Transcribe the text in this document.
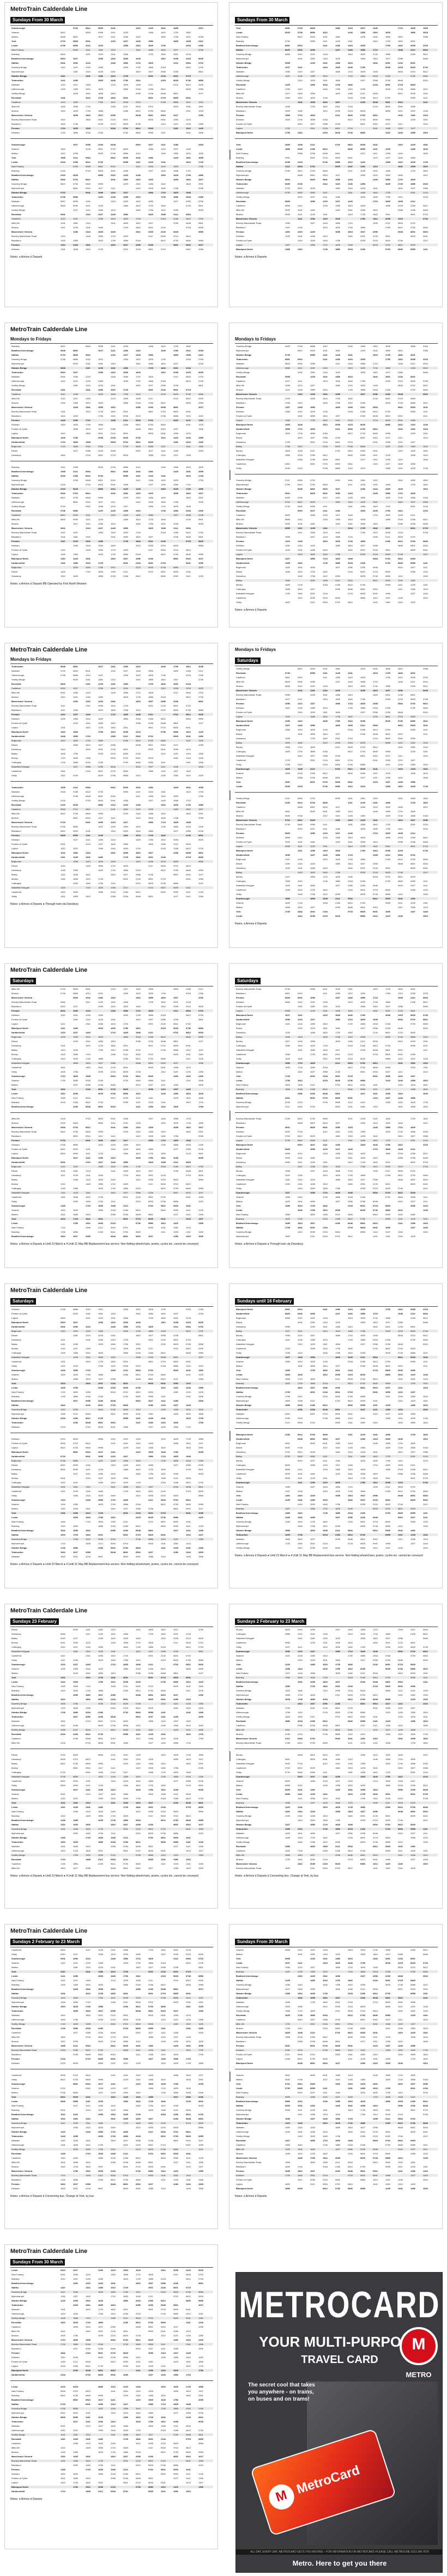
MetroTrain Calderdale Line
Sundays From 30 March
Scarborough	0702	0812	0925	1041	1310	1425	1541	1655	1927
Seamer	0612	0840	0955	1110	1225	1456	1610	1725	1842
Malton	0648	0801	1027	1141	1256	1410	1640	1756	1912	2035
York	0715	0825	0941	1210	1327	1440	1556	1825	1945	2112
Leeds	0746	0856	1012	1125	1355	1510	1625	1740	2018	2156
New Pudsey	0925	1041	1156	1310	1541	1655	1810	1927	2236
Bramley	0840	1110	1225	1341	1456	1725	1842	2001	2134
Bradford Interchange	0910	1027	1256	1410	1525	1640	1912	2035	2215	0625
Halifax	0941	1056	1210	1440	1556	1710	1825	2112	0534	0702
Sowerby Bridge	1012	1125	1240	1355	1625	1740	1856	2018	0612	0730
Mytholmroyd	1156	1310	1425	1541	1810	1927	2056	2236	0801
Hebden Bridge	1110	1341	1456	1610	1725	2001	2134	0601	0715
Todmorden	1141	1256	1525	1640	1756	1912	2215	0625	0746	0856
Walsden	1210	1327	1440	1710	1825	1945	2112	0702	0812	0925
Littleborough	1240	1355	1510	1625	1856	2018	2156	0612	0840	0955
Smithy Bridge	1425	1541	1655	1810	2056	2236	0648	0801	1027
Rochdale	1341	1610	1725	1842	2001	0601	0715	0825	0941
Castleton	1410	1525	1756	1912	2035	2215	0746	0856	1012	1125
Mills Hill	1440	1556	1710	1945	2112	0534	0702	0925	1041	1156
Moston	1510	1625	1740	1856	2156	0612	0730	0840	1110	1225
Manchester Victoria	1655	1810	1927	2056	0648	0801	0910	1027	1256
Burnley Manchester Road	1610	1842	2001	2134	0601	0825	0941	1056	1210
Blackburn	1640	1756	2035	2215	0625	0746	1012	1125	1240	1355
Preston	1710	1825	1945	0534	0702	0812	0925	1156	1310	1425
Kirkham	1740	1856	2018	2156	0730	0840	0955	1110	1341	1456
Scarborough	1927	2056	2236	0648	0910	1027	1141	1256	1525
Seamer	1842	2134	0601	0715	0825	1056	1210	1327	1440
Malton	1912	2035	0625	0746	0856	1012	1240	1355	1510	1625
York	1945	2112	0534	0812	0925	1041	1156	1425	1541	1655
Leeds	2018	2156	0612	0730	0955	1110	1225	1341	1610	1725
New Pudsey	2236	0648	0801	0910	1141	1256	1410	1525	1756
Bramley	2134	0715	0825	0941	1056	1327	1440	1556	1710
Bradford Interchange	2215	0625	0856	1012	1125	1240	1510	1625	1740	1856
Halifax	0534	0702	0812	1041	1156	1310	1425	1655	1810	1927
Sowerby Bridge	0612	0730	0840	0955	1225	1341	1456	1610	1842	2001
Mytholmroyd	0801	0910	1027	1141	1410	1525	1640	1756	2035
Hebden Bridge	0715	0941	1056	1210	1327	1556	1710	1825	1945
Todmorden	0746	0856	1125	1240	1355	1510	1740	1856	2018	2156
Walsden	0812	0925	1041	1310	1425	1541	1655	1927	2056	2236
Littleborough	0840	0955	1110	1225	1456	1610	1725	1842	2134	0601
Smithy Bridge	1027	1141	1256	1410	1640	1756	1912	2035	0625
Rochdale	0941	1210	1327	1440	1556	1825	1945	2112	0534
Castleton	1012	1125	1355	1510	1625	1740	2018	2156	0612	0730
Mills Hill	1041	1156	1310	1541	1655	1810	1927	2236	0648	0801
Moston	1110	1225	1341	1456	1725	1842	2001	2134	0715	0825
Manchester Victoria	1256	1410	1525	1640	1912	2035	2215	0625	0856
Burnley Manchester Road	1210	1440	1556	1710	1825	2112	0534	0702	0812
Blackburn	1240	1355	1625	1740	1856	2018	0612	0730	0840	0955
Preston	1310	1425	1541	1810	1927	2056	2236	0801	0910	1027
Kirkham	1341	1456	1610	1725	2001	2134	0601	0715	0941	1056
Notes: a Arrives d Departs
Sundays From 30 March
York	0601	0715	0825	1056	1210	1327	1440	1710	1825	1945
Leeds	0625	0746	0856	1012	1240	1355	1510	1625	1856	2018
New Pudsey	0812	0925	1041	1156	1425	1541	1655	1810	2056
Bramley	0730	0955	1110	1225	1341	1610	1725	1842	2001
Bradford Interchange	0801	0910	1141	1256	1410	1525	1756	1912	2035	2215
Halifax	0825	0941	1056	1327	1440	1556	1710	1945	2112	0534
Sowerby Bridge	0856	1012	1125	1240	1510	1625	1740	1856	2156	0612
Mytholmroyd	1041	1156	1310	1425	1655	1810	1927	2056	0648
Hebden Bridge	0955	1225	1341	1456	1610	1842	2001	2134	0601
Todmorden	1027	1141	1410	1525	1640	1756	2035	2215	0625	0746
Walsden	1056	1210	1327	1556	1710	1825	1945	0534	0702	0812
Littleborough	1125	1240	1355	1510	1740	1856	2018	2156	0730	0840
Smithy Bridge	1310	1425	1541	1655	1927	2056	2236	0648	0910
Rochdale	1225	1456	1610	1725	1842	2134	0601	0715	0825
Castleton	1256	1410	1640	1756	1912	2035	0625	0746	0856	1012
Mills Hill	1327	1440	1556	1825	1945	2112	0534	0812	0925	1041
Moston	1355	1510	1625	1740	2018	2156	0612	0730	0955	1110
Manchester Victoria	1541	1655	1810	1927	2236	0648	0801	0910	1141
Burnley Manchester Road	1456	1725	1842	2001	2134	0715	0825	0941	1056
Blackburn	1525	1640	1912	2035	2215	0625	0856	1012	1125	1240
Preston	1556	1710	1825	2112	0534	0702	0812	1041	1156	1310
Kirkham	1625	1740	1856	2018	0612	0730	0840	0955	1225	1341
Poulton-le-Fylde	1810	1927	2056	2236	0801	0910	1027	1141	1410
Layton	1725	2001	2134	0601	0715	0941	1056	1210	1327
Blackpool North	1756	1912	2215	0625	0746	0856	1125	1240	1355	1510
York	1825	1945	2112	0702	0812	0925	1041	1310	1425	1541
Leeds	1856	2018	2156	0612	0840	0955	1110	1225	1456	1610
New Pudsey	2056	2236	0648	0801	1027	1141	1256	1410	1640
Bramley	2001	0601	0715	0825	0941	1210	1327	1440	1556
Bradford Interchange	2035	2215	0746	0856	1012	1125	1355	1510	1625	1740
Halifax	2112	0534	0702	0925	1041	1156	1310	1541	1655	1810
Sowerby Bridge	2156	0612	0730	0840	1110	1225	1341	1456	1725	1842
Mytholmroyd	0648	0801	0910	1027	1256	1410	1525	1640	1912
Hebden Bridge	0601	0825	0941	1056	1210	1440	1556	1710	1825
Todmorden	0625	0746	1012	1125	1240	1355	1625	1740	1856	2018
Walsden	0702	0812	0925	1156	1310	1425	1541	1810	1927	2056
Littleborough	0730	0840	0955	1110	1341	1456	1610	1725	2001	2134
Smithy Bridge	0910	1027	1141	1256	1525	1640	1756	1912	2215
Rochdale	0825	1056	1210	1327	1440	1710	1825	1945	2112
Castleton	0856	1012	1240	1355	1510	1625	1856	2018	2156	0612
Mills Hill	0925	1041	1156	1425	1541	1655	1810	2056	2236	0648
Moston	0955	1110	1225	1341	1610	1725	1842	2001	0601	0715
Manchester Victoria	1141	1256	1410	1525	1756	1912	2035	2215	0746
Burnley Manchester Road	1056	1327	1440	1556	1710	1945	2112	0534	0702
Blackburn	1125	1240	1510	1625	1740	1856	2156	0612	0730	0840
Preston	1156	1310	1425	1655	1810	1927	2056	0648	0801	0910
Kirkham	1225	1341	1456	1610	1842	2001	2134	0601	0825	0941
Poulton-le-Fylde	1410	1525	1640	1756	2035	2215	0625	0746	1012
Layton	1327	1556	1710	1825	1945	0534	0702	0812	0925
Blackpool North	1355	1510	1740	1856	2018	2156	0730	0840	0955	1110
Notes: a Arrives d Departs
MetroTrain Calderdale Line
Mondays to Fridays
Bramley	0612	0840	0955	1110	1225	1456	1610	1725	1842
Bradford Interchange	0648	0801	1027	1141	1256	1410	1640	1756	1912	2035
Halifax	0715	0825	0941	1210	1327	1440	1556	1825	1945	2112
Sowerby Bridge	0746	0856	1012	1125	1355	1510	1625	1740	2018	2156
Mytholmroyd	0925	1041	1156	1310	1541	1655	1810	1927	2236
Hebden Bridge	0840	1110	1225	1341	1456	1725	1842	2001	2134
Todmorden	0910	1027	1256	1410	1525	1640	1912	2035	2215	0625
Walsden	0941	1056	1210	1440	1556	1710	1825	2112	0534	0702
Littleborough	1012	1125	1240	1355	1625	1740	1856	2018	0612	0730
Smithy Bridge	1156	1310	1425	1541	1810	1927	2056	2236	0801
Rochdale	1110	1341	1456	1610	1725	2001	2134	0601	0715
Castleton	1141	1256	1525	1640	1756	1912	2215	0625	0746	0856
Mills Hill	1210	1327	1440	1710	1825	1945	2112	0702	0812	0925
Moston	1240	1355	1510	1625	1856	2018	2156	0612	0840	0955
Manchester Victoria	1425	1541	1655	1810	2056	2236	0648	0801	1027
Burnley Manchester Road	1341	1610	1725	1842	2001	0601	0715	0825	0941
Blackburn	1410	1525	1756	1912	2035	2215	0746	0856	1012	1125
Preston	1440	1556	1710	1945	2112	0534	0702	0925	1041	1156
Kirkham	1510	1625	1740	1856	2156	0612	0730	0840	1110	1225
Poulton-le-Fylde	1655	1810	1927	2056	0648	0801	0910	1027	1256
Layton	1610	1842	2001	2134	0601	0825	0941	1056	1210
Blackpool North	1640	1756	2035	2215	0625	0746	1012	1125	1240	1355
Huddersfield	1710	1825	1945	0534	0702	0812	0925	1156	1310	1425
Brighouse	1740	1856	2018	2156	0730	0840	0955	1110	1341	1456
Elland	1927	2056	2236	0648	0910	1027	1141	1256	1525
Dewsbury	1842	2134	0601	0715	0825	1056	1210	1327	1440
Bramley	1912	2035	0625	0746	0856	1012	1240	1355	1510	1625
Bradford Interchange	1945	2112	0534	0812	0925	1041	1156	1425	1541	1655
Halifax	2018	2156	0612	0730	0955	1110	1225	1341	1610	1725
Sowerby Bridge	2236	0648	0801	0910	1141	1256	1410	1525	1756
Mytholmroyd	2134	0715	0825	0941	1056	1327	1440	1556	1710
Hebden Bridge	2215	0625	0856	1012	1125	1240	1510	1625	1740	1856
Todmorden	0534	0702	0812	1041	1156	1310	1425	1655	1810	1927
Walsden	0612	0730	0840	0955	1225	1341	1456	1610	1842	2001
Littleborough	0801	0910	1027	1141	1410	1525	1640	1756	2035
Smithy Bridge	0715	0941	1056	1210	1327	1556	1710	1825	1945
Rochdale	0746	0856	1125	1240	1355	1510	1740	1856	2018	2156
Castleton	0812	0925	1041	1310	1425	1541	1655	1927	2056	2236
Mills Hill	0840	0955	1110	1225	1456	1610	1725	1842	2134	0601
Moston	1027	1141	1256	1410	1640	1756	1912	2035	0625
Manchester Victoria	0941	1210	1327	1440	1556	1825	1945	2112	0534
Burnley Manchester Road	1012	1125	1355	1510	1625	1740	2018	2156	0612	0730
Blackburn	1041	1156	1310	1541	1655	1810	1927	2236	0648	0801
Preston	1110	1225	1341	1456	1725	1842	2001	2134	0715	0825
Kirkham	1256	1410	1525	1640	1912	2035	2215	0625	0856
Poulton-le-Fylde	1210	1440	1556	1710	1825	2112	0534	0702	0812
Layton	1240	1355	1625	1740	1856	2018	0612	0730	0840	0955
Blackpool North	1310	1425	1541	1810	1927	2056	2236	0801	0910	1027
Huddersfield	1341	1456	1610	1725	2001	2134	0601	0715	0941	1056
Brighouse	1525	1640	1756	1912	2215	0625	0746	0856	1125
Elland	1440	1710	1825	1945	2112	0702	0812	0925	1041
Dewsbury	1510	1625	1856	2018	2156	0612	0840	0955	1110	1225
Notes: a Arrives d Departs BB Operated by First North Western
Mondays to Fridays
Sowerby Bridge	0625	0746	0856	1012	1240	1355	1510	1625	1856	2018
Mytholmroyd	0812	0925	1041	1156	1425	1541	1655	1810	2056
Hebden Bridge	0730	0955	1110	1225	1341	1610	1725	1842	2001
Todmorden	0801	0910	1141	1256	1410	1525	1756	1912	2035	2215
Walsden	0825	0941	1056	1327	1440	1556	1710	1945	2112	0534
Littleborough	0856	1012	1125	1240	1510	1625	1740	1856	2156	0612
Smithy Bridge	1041	1156	1310	1425	1655	1810	1927	2056	0648
Rochdale	0955	1225	1341	1456	1610	1842	2001	2134	0601
Castleton	1027	1141	1410	1525	1640	1756	2035	2215	0625	0746
Mills Hill	1056	1210	1327	1556	1710	1825	1945	0534	0702	0812
Moston	1125	1240	1355	1510	1740	1856	2018	2156	0730	0840
Manchester Victoria	1310	1425	1541	1655	1927	2056	2236	0648	0910
Burnley Manchester Road	1225	1456	1610	1725	1842	2134	0601	0715	0825
Blackburn	1256	1410	1640	1756	1912	2035	0625	0746	0856	1012
Preston	1327	1440	1556	1825	1945	2112	0534	0812	0925	1041
Kirkham	1355	1510	1625	1740	2018	2156	0612	0730	0955	1110
Poulton-le-Fylde	1541	1655	1810	1927	2236	0648	0801	0910	1141
Layton	1456	1725	1842	2001	2134	0715	0825	0941	1056
Blackpool North	1525	1640	1912	2035	2215	0625	0856	1012	1125	1240
Huddersfield	1556	1710	1825	2112	0534	0702	0812	1041	1156	1310
Brighouse	1625	1740	1856	2018	0612	0730	0840	0955	1225	1341
Elland	1810	1927	2056	2236	0801	0910	1027	1141	1410
Dewsbury	1725	2001	2134	0601	0715	0941	1056	1210	1327
Batley	1756	1912	2215	0625	0746	0856	1125	1240	1355	1510
Morley	1825	1945	2112	0702	0812	0925	1041	1310	1425	1541
Cottingley	1856	2018	2156	0612	0840	0955	1110	1225	1456	1610
Wakefield Kirkgate	2056	2236	0648	0801	1027	1141	1256	1410	1640
Castleford	2001	0601	0715	0825	0941	1210	1327	1440	1556
Selby	2035	2215	0746	0856	1012	1125	1355	1510	1625	1740
Sowerby Bridge	2112	0534	0702	0925	1041	1156	1310	1541	1655	1810
Mytholmroyd	2156	0612	0730	0840	1110	1225	1341	1456	1725	1842
Hebden Bridge	0648	0801	0910	1027	1256	1410	1525	1640	1912
Todmorden	0601	0825	0941	1056	1210	1440	1556	1710	1825
Walsden	0625	0746	1012	1125	1240	1355	1625	1740	1856	2018
Littleborough	0702	0812	0925	1156	1310	1425	1541	1810	1927	2056
Smithy Bridge	0730	0840	0955	1110	1341	1456	1610	1725	2001	2134
Rochdale	0910	1027	1141	1256	1525	1640	1756	1912	2215
Castleton	0825	1056	1210	1327	1440	1710	1825	1945	2112
Mills Hill	0856	1012	1240	1355	1510	1625	1856	2018	2156	0612
Moston	0925	1041	1156	1425	1541	1655	1810	2056	2236	0648
Manchester Victoria	0955	1110	1225	1341	1610	1725	1842	2001	0601	0715
Burnley Manchester Road	1141	1256	1410	1525	1756	1912	2035	2215	0746
Blackburn	1056	1327	1440	1556	1710	1945	2112	0534	0702
Preston	1125	1240	1510	1625	1740	1856	2156	0612	0730	0840
Kirkham	1156	1310	1425	1655	1810	1927	2056	0648	0801	0910
Poulton-le-Fylde	1225	1341	1456	1610	1842	2001	2134	0601	0825	0941
Layton	1410	1525	1640	1756	2035	2215	0625	0746	1012
Blackpool North	1327	1556	1710	1825	1945	0534	0702	0812	0925
Huddersfield	1355	1510	1740	1856	2018	2156	0730	0840	0955	1110
Brighouse	1425	1541	1655	1927	2056	2236	0648	0910	1027	1141
Elland	1456	1610	1725	1842	2134	0601	0715	0825	1056	1210
Dewsbury	1640	1756	1912	2035	0625	0746	0856	1012	1240
Batley	1556	1825	1945	2112	0534	0812	0925	1041	1156
Morley	1625	1740	2018	2156	0612	0730	0955	1110	1225	1341
Cottingley	1655	1810	1927	2236	0648	0801	0910	1141	1256	1410
Wakefield Kirkgate	1725	1842	2001	2134	0715	0825	0941	1056	1327	1440
Castleford	1912	2035	2215	0625	0856	1012	1125	1240	1510
Selby	1825	2112	0534	0702	0812	1041	1156	1310	1425
Notes: a Arrives d Departs
MetroTrain Calderdale Line
Mondays to Fridays
Todmorden	0648	0801	1027	1141	1256	1410	1640	1756	1912	2035
Walsden	0715	0825	0941	1210	1327	1440	1556	1825	1945	2112
Littleborough	0746	0856	1012	1125	1355	1510	1625	1740	2018	2156
Smithy Bridge	0925	1041	1156	1310	1541	1655	1810	1927	2236
Rochdale	0840	1110	1225	1341	1456	1725	1842	2001	2134
Castleton	0910	1027	1256	1410	1525	1640	1912	2035	2215	0625
Mills Hill	0941	1056	1210	1440	1556	1710	1825	2112	0534	0702
Moston	1012	1125	1240	1355	1625	1740	1856	2018	0612	0730
Manchester Victoria	1156	1310	1425	1541	1810	1927	2056	2236	0801
Burnley Manchester Road	1110	1341	1456	1610	1725	2001	2134	0601	0715
Blackburn	1141	1256	1525	1640	1756	1912	2215	0625	0746	0856
Preston	1210	1327	1440	1710	1825	1945	2112	0702	0812	0925
Kirkham	1240	1355	1510	1625	1856	2018	2156	0612	0840	0955
Poulton-le-Fylde	1425	1541	1655	1810	2056	2236	0648	0801	1027
Layton	1341	1610	1725	1842	2001	0601	0715	0825	0941
Blackpool North	1410	1525	1756	1912	2035	2215	0746	0856	1012	1125
Huddersfield	1440	1556	1710	1945	2112	0534	0702	0925	1041	1156
Brighouse	1510	1625	1740	1856	2156	0612	0730	0840	1110	1225
Elland	1655	1810	1927	2056	0648	0801	0910	1027	1256
Dewsbury	1610	1842	2001	2134	0601	0825	0941	1056	1210
Batley	1640	1756	2035	2215	0625	0746	1012	1125	1240	1355
Morley	1710	1825	1945	0534	0702	0812	0925	1156	1310	1425
Cottingley	1740	1856	2018	2156	0730	0840	0955	1110	1341	1456
Wakefield Kirkgate	1927	2056	2236	0648	0910	1027	1141	1256	1525
Castleford	1842	2134	0601	0715	0825	1056	1210	1327	1440
Selby	1912	2035	0625	0746	0856	1012	1240	1355	1510	1625
Todmorden	1945	2112	0534	0812	0925	1041	1156	1425	1541	1655
Walsden	2018	2156	0612	0730	0955	1110	1225	1341	1610	1725
Littleborough	2236	0648	0801	0910	1141	1256	1410	1525	1756
Smithy Bridge	2134	0715	0825	0941	1056	1327	1440	1556	1710
Rochdale	2215	0625	0856	1012	1125	1240	1510	1625	1740	1856
Castleton	0534	0702	0812	1041	1156	1310	1425	1655	1810	1927
Mills Hill	0612	0730	0840	0955	1225	1341	1456	1610	1842	2001
Moston	0801	0910	1027	1141	1410	1525	1640	1756	2035
Manchester Victoria	0715	0941	1056	1210	1327	1556	1710	1825	1945
Burnley Manchester Road	0746	0856	1125	1240	1355	1510	1740	1856	2018	2156
Blackburn	0812	0925	1041	1310	1425	1541	1655	1927	2056	2236
Preston	0840	0955	1110	1225	1456	1610	1725	1842	2134	0601
Kirkham	1027	1141	1256	1410	1640	1756	1912	2035	0625
Poulton-le-Fylde	0941	1210	1327	1440	1556	1825	1945	2112	0534
Layton	1012	1125	1355	1510	1625	1740	2018	2156	0612	0730
Blackpool North	1041	1156	1310	1541	1655	1810	1927	2236	0648	0801
Huddersfield	1110	1225	1341	1456	1725	1842	2001	2134	0715	0825
Brighouse	1256	1410	1525	1640	1912	2035	2215	0625	0856
Elland	1210	1440	1556	1710	1825	2112	0534	0702	0812
Dewsbury	1240	1355	1625	1740	1856	2018	0612	0730	0840	0955
Batley	1310	1425	1541	1810	1927	2056	2236	0801	0910	1027
Morley	1341	1456	1610	1725	2001	2134	0601	0715	0941	1056
Cottingley	1525	1640	1756	1912	2215	0625	0746	0856	1125
Wakefield Kirkgate	1440	1710	1825	1945	2112	0702	0812	0925	1041
Castleford	1510	1625	1856	2018	2156	0612	0840	0955	1110	1225
Selby	1541	1655	1810	2056	2236	0648	0801	1027	1141	1256
Notes: a Arrives d Departs ● Through train via Dewsbury
Saturdays
Mondays to Fridays
Smithy Bridge	0812	0925	1041	1156	1425	1541	1655	1810	2056
Rochdale	0730	0955	1110	1225	1341	1610	1725	1842	2001
Castleton	0801	0910	1141	1256	1410	1525	1756	1912	2035	2215
Mills Hill	0825	0941	1056	1327	1440	1556	1710	1945	2112	0534
Moston	0856	1012	1125	1240	1510	1625	1740	1856	2156	0612
Manchester Victoria	1041	1156	1310	1425	1655	1810	1927	2056	0648
Burnley Manchester Road	0955	1225	1341	1456	1610	1842	2001	2134	0601
Blackburn	1027	1141	1410	1525	1640	1756	2035	2215	0625	0746
Preston	1056	1210	1327	1556	1710	1825	1945	0534	0702	0812
Kirkham	1125	1240	1355	1510	1740	1856	2018	2156	0730	0840
Poulton-le-Fylde	1310	1425	1541	1655	1927	2056	2236	0648	0910
Layton	1225	1456	1610	1725	1842	2134	0601	0715	0825
Blackpool North	1256	1410	1640	1756	1912	2035	0625	0746	0856	1012
Huddersfield	1327	1440	1556	1825	1945	2112	0534	0812	0925	1041
Brighouse	1355	1510	1625	1740	2018	2156	0612	0730	0955	1110
Elland	1541	1655	1810	1927	2236	0648	0801	0910	1141
Dewsbury	1456	1725	1842	2001	2134	0715	0825	0941	1056
Batley	1525	1640	1912	2035	2215	0625	0856	1012	1125	1240
Morley	1556	1710	1825	2112	0534	0702	0812	1041	1156	1310
Cottingley	1625	1740	1856	2018	0612	0730	0840	0955	1225	1341
Wakefield Kirkgate	1810	1927	2056	2236	0801	0910	1027	1141	1410
Castleford	1725	2001	2134	0601	0715	0941	1056	1210	1327
Selby	1756	1912	2215	0625	0746	0856	1125	1240	1355	1510
Scarborough	1825	1945	2112	0702	0812	0925	1041	1310	1425	1541
Seamer	1856	2018	2156	0612	0840	0955	1110	1225	1456	1610
Malton	2056	2236	0648	0801	1027	1141	1256	1410	1640
York	2001	0601	0715	0825	0941	1210	1327	1440	1556
Leeds	2035	2215	0746	0856	1012	1125	1355	1510	1625	1740
Smithy Bridge	2112	0534	0702	0925	1041	1156	1310	1541	1655	1810
Rochdale	2156	0612	0730	0840	1110	1225	1341	1456	1725	1842
Castleton	0648	0801	0910	1027	1256	1410	1525	1640	1912
Mills Hill	0601	0825	0941	1056	1210	1440	1556	1710	1825
Moston	0625	0746	1012	1125	1240	1355	1625	1740	1856	2018
Manchester Victoria	0702	0812	0925	1156	1310	1425	1541	1810	1927	2056
Burnley Manchester Road	0730	0840	0955	1110	1341	1456	1610	1725	2001	2134
Blackburn	0910	1027	1141	1256	1525	1640	1756	1912	2215
Preston	0825	1056	1210	1327	1440	1710	1825	1945	2112
Kirkham	0856	1012	1240	1355	1510	1625	1856	2018	2156	0612
Poulton-le-Fylde	0925	1041	1156	1425	1541	1655	1810	2056	2236	0648
Layton	0955	1110	1225	1341	1610	1725	1842	2001	0601	0715
Blackpool North	1141	1256	1410	1525	1756	1912	2035	2215	0746
Huddersfield	1056	1327	1440	1556	1710	1945	2112	0534	0702
Brighouse	1125	1240	1510	1625	1740	1856	2156	0612	0730	0840
Elland	1156	1310	1425	1655	1810	1927	2056	0648	0801	0910
Dewsbury	1225	1341	1456	1610	1842	2001	2134	0601	0825	0941
Batley	1410	1525	1640	1756	2035	2215	0625	0746	1012
Morley	1327	1556	1710	1825	1945	0534	0702	0812	0925
Cottingley	1355	1510	1740	1856	2018	2156	0730	0840	0955	1110
Wakefield Kirkgate	1425	1541	1655	1927	2056	2236	0648	0910	1027	1141
Castleford	1456	1610	1725	1842	2134	0601	0715	0825	1056	1210
Selby	1640	1756	1912	2035	0625	0746	0856	1012	1240
Scarborough	1556	1825	1945	2112	0534	0812	0925	1041	1156
Seamer	1625	1740	2018	2156	0612	0730	0955	1110	1225	1341
Malton	1655	1810	1927	2236	0648	0801	0910	1141	1256	1410
York	1725	1842	2001	2134	0715	0825	0941	1056	1327	1440
Leeds	1912	2035	2215	0625	0856	1012	1125	1240	1510
Notes: a Arrives d Departs
MetroTrain Calderdale Line
Saturdays
Mills Hill	0715	0825	0941	1210	1327	1440	1556	1825	1945	2112
Moston	0746	0856	1012	1125	1355	1510	1625	1740	2018	2156
Manchester Victoria	0925	1041	1156	1310	1541	1655	1810	1927	2236
Burnley Manchester Road	0840	1110	1225	1341	1456	1725	1842	2001	2134
Blackburn	0910	1027	1256	1410	1525	1640	1912	2035	2215	0625
Preston	0941	1056	1210	1440	1556	1710	1825	2112	0534	0702
Kirkham	1012	1125	1240	1355	1625	1740	1856	2018	0612	0730
Poulton-le-Fylde	1156	1310	1425	1541	1810	1927	2056	2236	0801
Layton	1110	1341	1456	1610	1725	2001	2134	0601	0715
Blackpool North	1141	1256	1525	1640	1756	1912	2215	0625	0746	0856
Huddersfield	1210	1327	1440	1710	1825	1945	2112	0702	0812	0925
Brighouse	1240	1355	1510	1625	1856	2018	2156	0612	0840	0955
Elland	1425	1541	1655	1810	2056	2236	0648	0801	1027
Dewsbury	1341	1610	1725	1842	2001	0601	0715	0825	0941
Batley	1410	1525	1756	1912	2035	2215	0746	0856	1012	1125
Morley	1440	1556	1710	1945	2112	0534	0702	0925	1041	1156
Cottingley	1510	1625	1740	1856	2156	0612	0730	0840	1110	1225
Wakefield Kirkgate	1655	1810	1927	2056	0648	0801	0910	1027	1256
Castleford	1610	1842	2001	2134	0601	0825	0941	1056	1210
Selby	1640	1756	2035	2215	0625	0746	1012	1125	1240	1355
Scarborough	1710	1825	1945	0534	0702	0812	0925	1156	1310	1425
Seamer	1740	1856	2018	2156	0730	0840	0955	1110	1341	1456
Malton	1927	2056	2236	0648	0910	1027	1141	1256	1525
York	1842	2134	0601	0715	0825	1056	1210	1327	1440
Leeds	1912	2035	0625	0746	0856	1012	1240	1355	1510	1625
New Pudsey	1945	2112	0534	0812	0925	1041	1156	1425	1541	1655
Bramley	2018	2156	0612	0730	0955	1110	1225	1341	1610	1725
Bradford Interchange	2236	0648	0801	0910	1141	1256	1410	1525	1756
Mills Hill	2134	0715	0825	0941	1056	1327	1440	1556	1710
Moston	2215	0625	0856	1012	1125	1240	1510	1625	1740	1856
Manchester Victoria	0534	0702	0812	1041	1156	1310	1425	1655	1810	1927
Burnley Manchester Road	0612	0730	0840	0955	1225	1341	1456	1610	1842	2001
Blackburn	0801	0910	1027	1141	1410	1525	1640	1756	2035
Preston	0715	0941	1056	1210	1327	1556	1710	1825	1945
Kirkham	0746	0856	1125	1240	1355	1510	1740	1856	2018	2156
Poulton-le-Fylde	0812	0925	1041	1310	1425	1541	1655	1927	2056	2236
Layton	0840	0955	1110	1225	1456	1610	1725	1842	2134	0601
Blackpool North	1027	1141	1256	1410	1640	1756	1912	2035	0625
Huddersfield	0941	1210	1327	1440	1556	1825	1945	2112	0534
Brighouse	1012	1125	1355	1510	1625	1740	2018	2156	0612	0730
Elland	1041	1156	1310	1541	1655	1810	1927	2236	0648	0801
Dewsbury	1110	1225	1341	1456	1725	1842	2001	2134	0715	0825
Batley	1256	1410	1525	1640	1912	2035	2215	0625	0856
Morley	1210	1440	1556	1710	1825	2112	0534	0702	0812
Cottingley	1240	1355	1625	1740	1856	2018	0612	0730	0840	0955
Wakefield Kirkgate	1310	1425	1541	1810	1927	2056	2236	0801	0910	1027
Castleford	1341	1456	1610	1725	2001	2134	0601	0715	0941	1056
Selby	1525	1640	1756	1912	2215	0625	0746	0856	1125
Scarborough	1440	1710	1825	1945	2112	0702	0812	0925	1041
Seamer	1510	1625	1856	2018	2156	0612	0840	0955	1110	1225
Malton	1541	1655	1810	2056	2236	0648	0801	1027	1141	1256
York	1610	1725	1842	2001	0601	0715	0825	0941	1210	1327
Leeds	1756	1912	2035	2215	0746	0856	1012	1125	1355
New Pudsey	1710	1945	2112	0534	0702	0925	1041	1156	1310
Bramley	1740	1856	2156	0612	0730	0840	1110	1225	1341	1456
Bradford Interchange	1810	1927	2056	0648	0801	0910	1027	1256	1410	1525
Notes: a Arrives d Departs ● Until 23 March ● 4 Until 31 May BB Replacement bus service. Non-folding wheelchairs, prams, cycles etc. cannot be conveyed
Saturdays
Burnley Manchester Road	0730	0955	1110	1225	1341	1610	1725	1842	2001
Blackburn	0801	0910	1141	1256	1410	1525	1756	1912	2035	2215
Preston	0825	0941	1056	1327	1440	1556	1710	1945	2112	0534
Kirkham	0856	1012	1125	1240	1510	1625	1740	1856	2156	0612
Poulton-le-Fylde	1041	1156	1310	1425	1655	1810	1927	2056	0648
Layton	0955	1225	1341	1456	1610	1842	2001	2134	0601
Blackpool North	1027	1141	1410	1525	1640	1756	2035	2215	0625	0746
Huddersfield	1056	1210	1327	1556	1710	1825	1945	0534	0702	0812
Brighouse	1125	1240	1355	1510	1740	1856	2018	2156	0730	0840
Elland	1310	1425	1541	1655	1927	2056	2236	0648	0910
Dewsbury	1225	1456	1610	1725	1842	2134	0601	0715	0825
Batley	1256	1410	1640	1756	1912	2035	0625	0746	0856	1012
Morley	1327	1440	1556	1825	1945	2112	0534	0812	0925	1041
Cottingley	1355	1510	1625	1740	2018	2156	0612	0730	0955	1110
Wakefield Kirkgate	1541	1655	1810	1927	2236	0648	0801	0910	1141
Castleford	1456	1725	1842	2001	2134	0715	0825	0941	1056
Selby	1525	1640	1912	2035	2215	0625	0856	1012	1125	1240
Scarborough	1556	1710	1825	2112	0534	0702	0812	1041	1156	1310
Seamer	1625	1740	1856	2018	0612	0730	0840	0955	1225	1341
Malton	1810	1927	2056	2236	0801	0910	1027	1141	1410
York	1725	2001	2134	0601	0715	0941	1056	1210	1327
Leeds	1756	1912	2215	0625	0746	0856	1125	1240	1355	1510
New Pudsey	1825	1945	2112	0702	0812	0925	1041	1310	1425	1541
Bramley	1856	2018	2156	0612	0840	0955	1110	1225	1456	1610
Bradford Interchange	2056	2236	0648	0801	1027	1141	1256	1410	1640
Halifax	2001	0601	0715	0825	0941	1210	1327	1440	1556
Sowerby Bridge	2035	2215	0746	0856	1012	1125	1355	1510	1625	1740
Mytholmroyd	2112	0534	0702	0925	1041	1156	1310	1541	1655	1810
Burnley Manchester Road	2156	0612	0730	0840	1110	1225	1341	1456	1725	1842
Blackburn	0648	0801	0910	1027	1256	1410	1525	1640	1912
Preston	0601	0825	0941	1056	1210	1440	1556	1710	1825
Kirkham	0625	0746	1012	1125	1240	1355	1625	1740	1856	2018
Poulton-le-Fylde	0702	0812	0925	1156	1310	1425	1541	1810	1927	2056
Layton	0730	0840	0955	1110	1341	1456	1610	1725	2001	2134
Blackpool North	0910	1027	1141	1256	1525	1640	1756	1912	2215
Huddersfield	0825	1056	1210	1327	1440	1710	1825	1945	2112
Brighouse	0856	1012	1240	1355	1510	1625	1856	2018	2156	0612
Elland	0925	1041	1156	1425	1541	1655	1810	2056	2236	0648
Dewsbury	0955	1110	1225	1341	1610	1725	1842	2001	0601	0715
Batley	1141	1256	1410	1525	1756	1912	2035	2215	0746
Morley	1056	1327	1440	1556	1710	1945	2112	0534	0702
Cottingley	1125	1240	1510	1625	1740	1856	2156	0612	0730	0840
Wakefield Kirkgate	1156	1310	1425	1655	1810	1927	2056	0648	0801	0910
Castleford	1225	1341	1456	1610	1842	2001	2134	0601	0825	0941
Selby	1410	1525	1640	1756	2035	2215	0625	0746	1012
Scarborough	1327	1556	1710	1825	1945	0534	0702	0812	0925
Seamer	1355	1510	1740	1856	2018	2156	0730	0840	0955	1110
Malton	1425	1541	1655	1927	2056	2236	0648	0910	1027	1141
York	1456	1610	1725	1842	2134	0601	0715	0825	1056	1210
Leeds	1640	1756	1912	2035	0625	0746	0856	1012	1240
New Pudsey	1556	1825	1945	2112	0534	0812	0925	1041	1156
Bramley	1625	1740	2018	2156	0612	0730	0955	1110	1225	1341
Bradford Interchange	1655	1810	1927	2236	0648	0801	0910	1141	1256	1410
Halifax	1725	1842	2001	2134	0715	0825	0941	1056	1327	1440
Sowerby Bridge	1912	2035	2215	0625	0856	1012	1125	1240	1510
Mytholmroyd	1825	2112	0534	0702	0812	1041	1156	1310	1425
Notes: a Arrives d Departs ● Through train via Dewsbury
MetroTrain Calderdale Line
Saturdays
Kirkham	0746	0856	1012	1125	1355	1510	1625	1740	2018	2156
Poulton-le-Fylde	0925	1041	1156	1310	1541	1655	1810	1927	2236
Layton	0840	1110	1225	1341	1456	1725	1842	2001	2134
Blackpool North	0910	1027	1256	1410	1525	1640	1912	2035	2215	0625
Huddersfield	0941	1056	1210	1440	1556	1710	1825	2112	0534	0702
Brighouse	1012	1125	1240	1355	1625	1740	1856	2018	0612	0730
Elland	1156	1310	1425	1541	1810	1927	2056	2236	0801
Dewsbury	1110	1341	1456	1610	1725	2001	2134	0601	0715
Batley	1141	1256	1525	1640	1756	1912	2215	0625	0746	0856
Morley	1210	1327	1440	1710	1825	1945	2112	0702	0812	0925
Cottingley	1240	1355	1510	1625	1856	2018	2156	0612	0840	0955
Wakefield Kirkgate	1425	1541	1655	1810	2056	2236	0648	0801	1027
Castleford	1341	1610	1725	1842	2001	0601	0715	0825	0941
Selby	1410	1525	1756	1912	2035	2215	0746	0856	1012	1125
Scarborough	1440	1556	1710	1945	2112	0534	0702	0925	1041	1156
Seamer	1510	1625	1740	1856	2156	0612	0730	0840	1110	1225
Malton	1655	1810	1927	2056	0648	0801	0910	1027	1256
York	1610	1842	2001	2134	0601	0825	0941	1056	1210
Leeds	1640	1756	2035	2215	0625	0746	1012	1125	1240	1355
New Pudsey	1710	1825	1945	0534	0702	0812	0925	1156	1310	1425
Bramley	1740	1856	2018	2156	0730	0840	0955	1110	1341	1456
Bradford Interchange	1927	2056	2236	0648	0910	1027	1141	1256	1525
Halifax	1842	2134	0601	0715	0825	1056	1210	1327	1440
Sowerby Bridge	1912	2035	0625	0746	0856	1012	1240	1355	1510	1625
Mytholmroyd	1945	2112	0534	0812	0925	1041	1156	1425	1541	1655
Hebden Bridge	2018	2156	0612	0730	0955	1110	1225	1341	1610	1725
Todmorden	2236	0648	0801	0910	1141	1256	1410	1525	1756
Walsden	2134	0715	0825	0941	1056	1327	1440	1556	1710
Kirkham	2215	0625	0856	1012	1125	1240	1510	1625	1740	1856
Poulton-le-Fylde	0534	0702	0812	1041	1156	1310	1425	1655	1810	1927
Layton	0612	0730	0840	0955	1225	1341	1456	1610	1842	2001
Blackpool North	0801	0910	1027	1141	1410	1525	1640	1756	2035
Huddersfield	0715	0941	1056	1210	1327	1556	1710	1825	1945
Brighouse	0746	0856	1125	1240	1355	1510	1740	1856	2018	2156
Elland	0812	0925	1041	1310	1425	1541	1655	1927	2056	2236
Dewsbury	0840	0955	1110	1225	1456	1610	1725	1842	2134	0601
Batley	1027	1141	1256	1410	1640	1756	1912	2035	0625
Morley	0941	1210	1327	1440	1556	1825	1945	2112	0534
Cottingley	1012	1125	1355	1510	1625	1740	2018	2156	0612	0730
Wakefield Kirkgate	1041	1156	1310	1541	1655	1810	1927	2236	0648	0801
Castleford	1110	1225	1341	1456	1725	1842	2001	2134	0715	0825
Selby	1256	1410	1525	1640	1912	2035	2215	0625	0856
Scarborough	1210	1440	1556	1710	1825	2112	0534	0702	0812
Seamer	1240	1355	1625	1740	1856	2018	0612	0730	0840	0955
Malton	1310	1425	1541	1810	1927	2056	2236	0801	0910	1027
York	1341	1456	1610	1725	2001	2134	0601	0715	0941	1056
Leeds	1525	1640	1756	1912	2215	0625	0746	0856	1125
New Pudsey	1440	1710	1825	1945	2112	0702	0812	0925	1041
Bramley	1510	1625	1856	2018	2156	0612	0840	0955	1110	1225
Bradford Interchange	1541	1655	1810	2056	2236	0648	0801	1027	1141	1256
Halifax	1610	1725	1842	2001	0601	0715	0825	0941	1210	1327
Sowerby Bridge	1756	1912	2035	2215	0746	0856	1012	1125	1355
Mytholmroyd	1710	1945	2112	0534	0702	0925	1041	1156	1310
Hebden Bridge	1740	1856	2156	0612	0730	0840	1110	1225	1341	1456
Todmorden	1810	1927	2056	0648	0801	0910	1027	1256	1410	1525
Walsden	1842	2001	2134	0601	0825	0941	1056	1210	1440	1556
Notes: a Arrives d Departs ● Until 23 March ● 4 Until 31 May BB Replacement bus service. Non-folding wheelchairs, prams, cycles etc. cannot be conveyed
Sundays until 16 February
Blackpool North	0801	0910	1141	1256	1410	1525	1756	1912	2035	2215
Huddersfield	0825	0941	1056	1327	1440	1556	1710	1945	2112	0534
Brighouse	0856	1012	1125	1240	1510	1625	1740	1856	2156	0612
Elland	1041	1156	1310	1425	1655	1810	1927	2056	0648
Dewsbury	0955	1225	1341	1456	1610	1842	2001	2134	0601
Batley	1027	1141	1410	1525	1640	1756	2035	2215	0625	0746
Morley	1056	1210	1327	1556	1710	1825	1945	0534	0702	0812
Cottingley	1125	1240	1355	1510	1740	1856	2018	2156	0730	0840
Wakefield Kirkgate	1310	1425	1541	1655	1927	2056	2236	0648	0910
Castleford	1225	1456	1610	1725	1842	2134	0601	0715	0825
Selby	1256	1410	1640	1756	1912	2035	0625	0746	0856	1012
Scarborough	1327	1440	1556	1825	1945	2112	0534	0812	0925	1041
Seamer	1355	1510	1625	1740	2018	2156	0612	0730	0955	1110
Malton	1541	1655	1810	1927	2236	0648	0801	0910	1141
York	1456	1725	1842	2001	2134	0715	0825	0941	1056
Leeds	1525	1640	1912	2035	2215	0625	0856	1012	1125	1240
New Pudsey	1556	1710	1825	2112	0534	0702	0812	1041	1156	1310
Bramley	1625	1740	1856	2018	0612	0730	0840	0955	1225	1341
Bradford Interchange	1810	1927	2056	2236	0801	0910	1027	1141	1410
Halifax	1725	2001	2134	0601	0715	0941	1056	1210	1327
Sowerby Bridge	1756	1912	2215	0625	0746	0856	1125	1240	1355	1510
Mytholmroyd	1825	1945	2112	0702	0812	0925	1041	1310	1425	1541
Hebden Bridge	1856	2018	2156	0612	0840	0955	1110	1225	1456	1610
Todmorden	2056	2236	0648	0801	1027	1141	1256	1410	1640
Walsden	2001	0601	0715	0825	0941	1210	1327	1440	1556
Littleborough	2035	2215	0746	0856	1012	1125	1355	1510	1625	1740
Smithy Bridge	2112	0534	0702	0925	1041	1156	1310	1541	1655	1810
Blackpool North	2156	0612	0730	0840	1110	1225	1341	1456	1725	1842
Huddersfield	0648	0801	0910	1027	1256	1410	1525	1640	1912
Brighouse	0601	0825	0941	1056	1210	1440	1556	1710	1825
Elland	0625	0746	1012	1125	1240	1355	1625	1740	1856	2018
Dewsbury	0702	0812	0925	1156	1310	1425	1541	1810	1927	2056
Batley	0730	0840	0955	1110	1341	1456	1610	1725	2001	2134
Morley	0910	1027	1141	1256	1525	1640	1756	1912	2215
Cottingley	0825	1056	1210	1327	1440	1710	1825	1945	2112
Wakefield Kirkgate	0856	1012	1240	1355	1510	1625	1856	2018	2156	0612
Castleford	0925	1041	1156	1425	1541	1655	1810	2056	2236	0648
Selby	0955	1110	1225	1341	1610	1725	1842	2001	0601	0715
Scarborough	1141	1256	1410	1525	1756	1912	2035	2215	0746
Seamer	1056	1327	1440	1556	1710	1945	2112	0534	0702
Malton	1125	1240	1510	1625	1740	1856	2156	0612	0730	0840
York	1156	1310	1425	1655	1810	1927	2056	0648	0801	0910
Leeds	1225	1341	1456	1610	1842	2001	2134	0601	0825	0941
New Pudsey	1410	1525	1640	1756	2035	2215	0625	0746	1012
Bramley	1327	1556	1710	1825	1945	0534	0702	0812	0925
Bradford Interchange	1355	1510	1740	1856	2018	2156	0730	0840	0955	1110
Halifax	1425	1541	1655	1927	2056	2236	0648	0910	1027	1141
Sowerby Bridge	1456	1610	1725	1842	2134	0601	0715	0825	1056	1210
Mytholmroyd	1640	1756	1912	2035	0625	0746	0856	1012	1240
Hebden Bridge	1556	1825	1945	2112	0534	0812	0925	1041	1156
Todmorden	1625	1740	2018	2156	0612	0730	0955	1110	1225	1341
Walsden	1655	1810	1927	2236	0648	0801	0910	1141	1256	1410
Littleborough	1725	1842	2001	2134	0715	0825	0941	1056	1327	1440
Smithy Bridge	1912	2035	2215	0625	0856	1012	1125	1240	1510
Notes: a Arrives d Departs ● Until 23 March ● 4 Until 31 May BB Replacement bus service. Non-folding wheelchairs, prams, cycles etc. cannot be conveyed
MetroTrain Calderdale Line
Sundays 23 February
Elland	0925	1041	1156	1310	1541	1655	1810	1927	2236
Dewsbury	0840	1110	1225	1341	1456	1725	1842	2001	2134
Batley	0910	1027	1256	1410	1525	1640	1912	2035	2215	0625
Morley	0941	1056	1210	1440	1556	1710	1825	2112	0534	0702
Cottingley	1012	1125	1240	1355	1625	1740	1856	2018	0612	0730
Wakefield Kirkgate	1156	1310	1425	1541	1810	1927	2056	2236	0801
Castleford	1110	1341	1456	1610	1725	2001	2134	0601	0715
Selby	1141	1256	1525	1640	1756	1912	2215	0625	0746	0856
Scarborough	1210	1327	1440	1710	1825	1945	2112	0702	0812	0925
Seamer	1240	1355	1510	1625	1856	2018	2156	0612	0840	0955
Malton	1425	1541	1655	1810	2056	2236	0648	0801	1027
York	1341	1610	1725	1842	2001	0601	0715	0825	0941
Leeds	1410	1525	1756	1912	2035	2215	0746	0856	1012	1125
New Pudsey	1440	1556	1710	1945	2112	0534	0702	0925	1041	1156
Bramley	1510	1625	1740	1856	2156	0612	0730	0840	1110	1225
Bradford Interchange	1655	1810	1927	2056	0648	0801	0910	1027	1256
Halifax	1610	1842	2001	2134	0601	0825	0941	1056	1210
Sowerby Bridge	1640	1756	2035	2215	0625	0746	1012	1125	1240	1355
Mytholmroyd	1710	1825	1945	0534	0702	0812	0925	1156	1310	1425
Hebden Bridge	1740	1856	2018	2156	0730	0840	0955	1110	1341	1456
Todmorden	1927	2056	2236	0648	0910	1027	1141	1256	1525
Walsden	1842	2134	0601	0715	0825	1056	1210	1327	1440
Littleborough	1912	2035	0625	0746	0856	1012	1240	1355	1510	1625
Smithy Bridge	1945	2112	0534	0812	0925	1041	1156	1425	1541	1655
Rochdale	2018	2156	0612	0730	0955	1110	1225	1341	1610	1725
Castleton	2236	0648	0801	0910	1141	1256	1410	1525	1756
Mills Hill	2134	0715	0825	0941	1056	1327	1440	1556	1710
Elland	2215	0625	0856	1012	1125	1240	1510	1625	1740	1856
Dewsbury	0534	0702	0812	1041	1156	1310	1425	1655	1810	1927
Batley	0612	0730	0840	0955	1225	1341	1456	1610	1842	2001
Morley	0801	0910	1027	1141	1410	1525	1640	1756	2035
Cottingley	0715	0941	1056	1210	1327	1556	1710	1825	1945
Wakefield Kirkgate	0746	0856	1125	1240	1355	1510	1740	1856	2018	2156
Castleford	0812	0925	1041	1310	1425	1541	1655	1927	2056	2236
Selby	0840	0955	1110	1225	1456	1610	1725	1842	2134	0601
Scarborough	1027	1141	1256	1410	1640	1756	1912	2035	0625
Seamer	0941	1210	1327	1440	1556	1825	1945	2112	0534
Malton	1012	1125	1355	1510	1625	1740	2018	2156	0612	0730
York	1041	1156	1310	1541	1655	1810	1927	2236	0648	0801
Leeds	1110	1225	1341	1456	1725	1842	2001	2134	0715	0825
New Pudsey	1256	1410	1525	1640	1912	2035	2215	0625	0856
Bramley	1210	1440	1556	1710	1825	2112	0534	0702	0812
Bradford Interchange	1240	1355	1625	1740	1856	2018	0612	0730	0840	0955
Halifax	1310	1425	1541	1810	1927	2056	2236	0801	0910	1027
Sowerby Bridge	1341	1456	1610	1725	2001	2134	0601	0715	0941	1056
Mytholmroyd	1525	1640	1756	1912	2215	0625	0746	0856	1125
Hebden Bridge	1440	1710	1825	1945	2112	0702	0812	0925	1041
Todmorden	1510	1625	1856	2018	2156	0612	0840	0955	1110	1225
Walsden	1541	1655	1810	2056	2236	0648	0801	1027	1141	1256
Littleborough	1610	1725	1842	2001	0601	0715	0825	0941	1210	1327
Smithy Bridge	1756	1912	2035	2215	0746	0856	1012	1125	1355
Rochdale	1710	1945	2112	0534	0702	0925	1041	1156	1310
Castleton	1740	1856	2156	0612	0730	0840	1110	1225	1341	1456
Mills Hill	1810	1927	2056	0648	0801	0910	1027	1256	1410	1525
Notes: a Arrives d Departs ● Until 23 March ● 4 Until 31 May BB Replacement bus service. Non-folding wheelchairs, prams, cycles etc. cannot be conveyed
Sundays 2 February to 23 March
Morley	0825	0941	1056	1327	1440	1556	1710	1945	2112	0534
Cottingley	0856	1012	1125	1240	1510	1625	1740	1856	2156	0612
Wakefield Kirkgate	1041	1156	1310	1425	1655	1810	1927	2056	0648
Castleford	0955	1225	1341	1456	1610	1842	2001	2134	0601
Selby	1027	1141	1410	1525	1640	1756	2035	2215	0625	0746
Scarborough	1056	1210	1327	1556	1710	1825	1945	0534	0702	0812
Seamer	1125	1240	1355	1510	1740	1856	2018	2156	0730	0840
Malton	1310	1425	1541	1655	1927	2056	2236	0648	0910
York	1225	1456	1610	1725	1842	2134	0601	0715	0825
Leeds	1256	1410	1640	1756	1912	2035	0625	0746	0856	1012
New Pudsey	1327	1440	1556	1825	1945	2112	0534	0812	0925	1041
Bramley	1355	1510	1625	1740	2018	2156	0612	0730	0955	1110
Bradford Interchange	1541	1655	1810	1927	2236	0648	0801	0910	1141
Halifax	1456	1725	1842	2001	2134	0715	0825	0941	1056
Sowerby Bridge	1525	1640	1912	2035	2215	0625	0856	1012	1125	1240
Mytholmroyd	1556	1710	1825	2112	0534	0702	0812	1041	1156	1310
Hebden Bridge	1625	1740	1856	2018	0612	0730	0840	0955	1225	1341
Todmorden	1810	1927	2056	2236	0801	0910	1027	1141	1410
Walsden	1725	2001	2134	0601	0715	0941	1056	1210	1327
Littleborough	1756	1912	2215	0625	0746	0856	1125	1240	1355	1510
Smithy Bridge	1825	1945	2112	0702	0812	0925	1041	1310	1425	1541
Rochdale	1856	2018	2156	0612	0840	0955	1110	1225	1456	1610
Castleton	2056	2236	0648	0801	1027	1141	1256	1410	1640
Mills Hill	2001	0601	0715	0825	0941	1210	1327	1440	1556
Moston	2035	2215	0746	0856	1012	1125	1355	1510	1625	1740
Manchester Victoria	2112	0534	0702	0925	1041	1156	1310	1541	1655	1810
Burnley Manchester Road	2156	0612	0730	0840	1110	1225	1341	1456	1725	1842
Morley	0648	0801	0910	1027	1256	1410	1525	1640	1912
Cottingley	0601	0825	0941	1056	1210	1440	1556	1710	1825
Wakefield Kirkgate	0625	0746	1012	1125	1240	1355	1625	1740	1856	2018
Castleford	0702	0812	0925	1156	1310	1425	1541	1810	1927	2056
Selby	0730	0840	0955	1110	1341	1456	1610	1725	2001	2134
Scarborough	0910	1027	1141	1256	1525	1640	1756	1912	2215
Seamer	0825	1056	1210	1327	1440	1710	1825	1945	2112
Malton	0856	1012	1240	1355	1510	1625	1856	2018	2156	0612
York	0925	1041	1156	1425	1541	1655	1810	2056	2236	0648
Leeds	0955	1110	1225	1341	1610	1725	1842	2001	0601	0715
New Pudsey	1141	1256	1410	1525	1756	1912	2035	2215	0746
Bramley	1056	1327	1440	1556	1710	1945	2112	0534	0702
Bradford Interchange	1125	1240	1510	1625	1740	1856	2156	0612	0730	0840
Halifax	1156	1310	1425	1655	1810	1927	2056	0648	0801	0910
Sowerby Bridge	1225	1341	1456	1610	1842	2001	2134	0601	0825	0941
Mytholmroyd	1410	1525	1640	1756	2035	2215	0625	0746	1012
Hebden Bridge	1327	1556	1710	1825	1945	0534	0702	0812	0925
Todmorden	1355	1510	1740	1856	2018	2156	0730	0840	0955	1110
Walsden	1425	1541	1655	1927	2056	2236	0648	0910	1027	1141
Littleborough	1456	1610	1725	1842	2134	0601	0715	0825	1056	1210
Smithy Bridge	1640	1756	1912	2035	0625	0746	0856	1012	1240
Rochdale	1556	1825	1945	2112	0534	0812	0925	1041	1156
Castleton	1625	1740	2018	2156	0612	0730	0955	1110	1225	1341
Mills Hill	1655	1810	1927	2236	0648	0801	0910	1141	1256	1410
Moston	1725	1842	2001	2134	0715	0825	0941	1056	1327	1440
Manchester Victoria	1912	2035	2215	0625	0856	1012	1125	1240	1510
Burnley Manchester Road	1825	2112	0534	0702	0812	1041	1156	1310	1425
Notes: a Arrives d Departs b Connecting bus. Change at York, by bus
MetroTrain Calderdale Line
Sundays 2 February to 23 March
Castleford	0840	1110	1225	1341	1456	1725	1842	2001	2134
Selby	0910	1027	1256	1410	1525	1640	1912	2035	2215	0625
Scarborough	0941	1056	1210	1440	1556	1710	1825	2112	0534	0702
Seamer	1012	1125	1240	1355	1625	1740	1856	2018	0612	0730
Malton	1156	1310	1425	1541	1810	1927	2056	2236	0801
York	1110	1341	1456	1610	1725	2001	2134	0601	0715
Leeds	1141	1256	1525	1640	1756	1912	2215	0625	0746	0856
New Pudsey	1210	1327	1440	1710	1825	1945	2112	0702	0812	0925
Bramley	1240	1355	1510	1625	1856	2018	2156	0612	0840	0955
Bradford Interchange	1425	1541	1655	1810	2056	2236	0648	0801	1027
Halifax	1341	1610	1725	1842	2001	0601	0715	0825	0941
Sowerby Bridge	1410	1525	1756	1912	2035	2215	0746	0856	1012	1125
Mytholmroyd	1440	1556	1710	1945	2112	0534	0702	0925	1041	1156
Hebden Bridge	1510	1625	1740	1856	2156	0612	0730	0840	1110	1225
Todmorden	1655	1810	1927	2056	0648	0801	0910	1027	1256
Walsden	1610	1842	2001	2134	0601	0825	0941	1056	1210
Littleborough	1640	1756	2035	2215	0625	0746	1012	1125	1240	1355
Smithy Bridge	1710	1825	1945	0534	0702	0812	0925	1156	1310	1425
Rochdale	1740	1856	2018	2156	0730	0840	0955	1110	1341	1456
Castleton	1927	2056	2236	0648	0910	1027	1141	1256	1525
Mills Hill	1842	2134	0601	0715	0825	1056	1210	1327	1440
Moston	1912	2035	0625	0746	0856	1012	1240	1355	1510	1625
Manchester Victoria	1945	2112	0534	0812	0925	1041	1156	1425	1541	1655
Burnley Manchester Road	2018	2156	0612	0730	0955	1110	1225	1341	1610	1725
Blackburn	2236	0648	0801	0910	1141	1256	1410	1525	1756
Preston	2134	0715	0825	0941	1056	1327	1440	1556	1710
Kirkham	2215	0625	0856	1012	1125	1240	1510	1625	1740	1856
Castleford	0534	0702	0812	1041	1156	1310	1425	1655	1810	1927
Selby	0612	0730	0840	0955	1225	1341	1456	1610	1842	2001
Scarborough	0801	0910	1027	1141	1410	1525	1640	1756	2035
Seamer	0715	0941	1056	1210	1327	1556	1710	1825	1945
Malton	0746	0856	1125	1240	1355	1510	1740	1856	2018	2156
York	0812	0925	1041	1310	1425	1541	1655	1927	2056	2236
Leeds	0840	0955	1110	1225	1456	1610	1725	1842	2134	0601
New Pudsey	1027	1141	1256	1410	1640	1756	1912	2035	0625
Bramley	0941	1210	1327	1440	1556	1825	1945	2112	0534
Bradford Interchange	1012	1125	1355	1510	1625	1740	2018	2156	0612	0730
Halifax	1041	1156	1310	1541	1655	1810	1927	2236	0648	0801
Sowerby Bridge	1110	1225	1341	1456	1725	1842	2001	2134	0715	0825
Mytholmroyd	1256	1410	1525	1640	1912	2035	2215	0625	0856
Hebden Bridge	1210	1440	1556	1710	1825	2112	0534	0702	0812
Todmorden	1240	1355	1625	1740	1856	2018	0612	0730	0840	0955
Walsden	1310	1425	1541	1810	1927	2056	2236	0801	0910	1027
Littleborough	1341	1456	1610	1725	2001	2134	0601	0715	0941	1056
Smithy Bridge	1525	1640	1756	1912	2215	0625	0746	0856	1125
Rochdale	1440	1710	1825	1945	2112	0702	0812	0925	1041
Castleton	1510	1625	1856	2018	2156	0612	0840	0955	1110	1225
Mills Hill	1541	1655	1810	2056	2236	0648	0801	1027	1141	1256
Moston	1610	1725	1842	2001	0601	0715	0825	0941	1210	1327
Manchester Victoria	1756	1912	2035	2215	0746	0856	1012	1125	1355
Burnley Manchester Road	1710	1945	2112	0534	0702	0925	1041	1156	1310
Blackburn	1740	1856	2156	0612	0730	0840	1110	1225	1341	1456
Preston	1810	1927	2056	0648	0801	0910	1027	1256	1410	1525
Kirkham	1842	2001	2134	0601	0825	0941	1056	1210	1440	1556
Notes: a Arrives d Departs b Connecting bus. Change at York, by bus
Sundays From 30 March
Seamer	0856	1012	1125	1240	1510	1625	1740	1856	2156	0612
Malton	1041	1156	1310	1425	1655	1810	1927	2056	0648
York	0955	1225	1341	1456	1610	1842	2001	2134	0601
Leeds	1027	1141	1410	1525	1640	1756	2035	2215	0625	0746
New Pudsey	1056	1210	1327	1556	1710	1825	1945	0534	0702	0812
Bramley	1125	1240	1355	1510	1740	1856	2018	2156	0730	0840
Bradford Interchange	1310	1425	1541	1655	1927	2056	2236	0648	0910
Halifax	1225	1456	1610	1725	1842	2134	0601	0715	0825
Sowerby Bridge	1256	1410	1640	1756	1912	2035	0625	0746	0856	1012
Mytholmroyd	1327	1440	1556	1825	1945	2112	0534	0812	0925	1041
Hebden Bridge	1355	1510	1625	1740	2018	2156	0612	0730	0955	1110
Todmorden	1541	1655	1810	1927	2236	0648	0801	0910	1141
Walsden	1456	1725	1842	2001	2134	0715	0825	0941	1056
Littleborough	1525	1640	1912	2035	2215	0625	0856	1012	1125	1240
Smithy Bridge	1556	1710	1825	2112	0534	0702	0812	1041	1156	1310
Rochdale	1625	1740	1856	2018	0612	0730	0840	0955	1225	1341
Castleton	1810	1927	2056	2236	0801	0910	1027	1141	1410
Mills Hill	1725	2001	2134	0601	0715	0941	1056	1210	1327
Moston	1756	1912	2215	0625	0746	0856	1125	1240	1355	1510
Manchester Victoria	1825	1945	2112	0702	0812	0925	1041	1310	1425	1541
Burnley Manchester Road	1856	2018	2156	0612	0840	0955	1110	1225	1456	1610
Blackburn	2056	2236	0648	0801	1027	1141	1256	1410	1640
Preston	2001	0601	0715	0825	0941	1210	1327	1440	1556
Kirkham	2035	2215	0746	0856	1012	1125	1355	1510	1625	1740
Poulton-le-Fylde	2112	0534	0702	0925	1041	1156	1310	1541	1655	1810
Layton	2156	0612	0730	0840	1110	1225	1341	1456	1725	1842
Blackpool North	0648	0801	0910	1027	1256	1410	1525	1640	1912
Seamer	0601	0825	0941	1056	1210	1440	1556	1710	1825
Malton	0625	0746	1012	1125	1240	1355	1625	1740	1856	2018
York	0702	0812	0925	1156	1310	1425	1541	1810	1927	2056
Leeds	0730	0840	0955	1110	1341	1456	1610	1725	2001	2134
New Pudsey	0910	1027	1141	1256	1525	1640	1756	1912	2215
Bramley	0825	1056	1210	1327	1440	1710	1825	1945	2112
Bradford Interchange	0856	1012	1240	1355	1510	1625	1856	2018	2156	0612
Halifax	0925	1041	1156	1425	1541	1655	1810	2056	2236	0648
Sowerby Bridge	0955	1110	1225	1341	1610	1725	1842	2001	0601	0715
Mytholmroyd	1141	1256	1410	1525	1756	1912	2035	2215	0746
Hebden Bridge	1056	1327	1440	1556	1710	1945	2112	0534	0702
Todmorden	1125	1240	1510	1625	1740	1856	2156	0612	0730	0840
Walsden	1156	1310	1425	1655	1810	1927	2056	0648	0801	0910
Littleborough	1225	1341	1456	1610	1842	2001	2134	0601	0825	0941
Smithy Bridge	1410	1525	1640	1756	2035	2215	0625	0746	1012
Rochdale	1327	1556	1710	1825	1945	0534	0702	0812	0925
Castleton	1355	1510	1740	1856	2018	2156	0730	0840	0955	1110
Mills Hill	1425	1541	1655	1927	2056	2236	0648	0910	1027	1141
Moston	1456	1610	1725	1842	2134	0601	0715	0825	1056	1210
Manchester Victoria	1640	1756	1912	2035	0625	0746	0856	1012	1240
Burnley Manchester Road	1556	1825	1945	2112	0534	0812	0925	1041	1156
Blackburn	1625	1740	2018	2156	0612	0730	0955	1110	1225	1341
Preston	1655	1810	1927	2236	0648	0801	0910	1141	1256	1410
Kirkham	1725	1842	2001	2134	0715	0825	0941	1056	1327	1440
Poulton-le-Fylde	1912	2035	2215	0625	0856	1012	1125	1240	1510
Layton	1825	2112	0534	0702	0812	1041	1156	1310	1425
Blackpool North	1856	2018	0612	0730	0840	0955	1225	1341	1456	1610
Notes: a Arrives d Departs
MetroTrain Calderdale Line
Sundays From 30 March
Leeds	0910	1027	1256	1410	1525	1640	1912	2035	2215	0625
New Pudsey	0941	1056	1210	1440	1556	1710	1825	2112	0534	0702
Bramley	1012	1125	1240	1355	1625	1740	1856	2018	0612	0730
Bradford Interchange	1156	1310	1425	1541	1810	1927	2056	2236	0801
Halifax	1110	1341	1456	1610	1725	2001	2134	0601	0715
Sowerby Bridge	1141	1256	1525	1640	1756	1912	2215	0625	0746	0856
Mytholmroyd	1210	1327	1440	1710	1825	1945	2112	0702	0812	0925
Hebden Bridge	1240	1355	1510	1625	1856	2018	2156	0612	0840	0955
Todmorden	1425	1541	1655	1810	2056	2236	0648	0801	1027
Walsden	1341	1610	1725	1842	2001	0601	0715	0825	0941
Littleborough	1410	1525	1756	1912	2035	2215	0746	0856	1012	1125
Smithy Bridge	1440	1556	1710	1945	2112	0534	0702	0925	1041	1156
Rochdale	1510	1625	1740	1856	2156	0612	0730	0840	1110	1225
Castleton	1655	1810	1927	2056	0648	0801	0910	1027	1256
Mills Hill	1610	1842	2001	2134	0601	0825	0941	1056	1210
Moston	1640	1756	2035	2215	0625	0746	1012	1125	1240	1355
Manchester Victoria	1710	1825	1945	0534	0702	0812	0925	1156	1310	1425
Burnley Manchester Road	1740	1856	2018	2156	0730	0840	0955	1110	1341	1456
Blackburn	1927	2056	2236	0648	0910	1027	1141	1256	1525
Preston	1842	2134	0601	0715	0825	1056	1210	1327	1440
Kirkham	1912	2035	0625	0746	0856	1012	1240	1355	1510	1625
Poulton-le-Fylde	1945	2112	0534	0812	0925	1041	1156	1425	1541	1655
Layton	2018	2156	0612	0730	0955	1110	1225	1341	1610	1725
Blackpool North	2236	0648	0801	0910	1141	1256	1410	1525	1756
Huddersfield	2134	0715	0825	0941	1056	1327	1440	1556	1710
Leeds	2215	0625	0856	1012	1125	1240	1510	1625	1740	1856
New Pudsey	0534	0702	0812	1041	1156	1310	1425	1655	1810	1927
Bramley	0612	0730	0840	0955	1225	1341	1456	1610	1842	2001
Bradford Interchange	0801	0910	1027	1141	1410	1525	1640	1756	2035
Halifax	0715	0941	1056	1210	1327	1556	1710	1825	1945
Sowerby Bridge	0746	0856	1125	1240	1355	1510	1740	1856	2018	2156
Mytholmroyd	0812	0925	1041	1310	1425	1541	1655	1927	2056	2236
Hebden Bridge	0840	0955	1110	1225	1456	1610	1725	1842	2134	0601
Todmorden	1027	1141	1256	1410	1640	1756	1912	2035	0625
Walsden	0941	1210	1327	1440	1556	1825	1945	2112	0534
Littleborough	1012	1125	1355	1510	1625	1740	2018	2156	0612	0730
Smithy Bridge	1041	1156	1310	1541	1655	1810	1927	2236	0648	0801
Rochdale	1110	1225	1341	1456	1725	1842	2001	2134	0715	0825
Castleton	1256	1410	1525	1640	1912	2035	2215	0625	0856
Mills Hill	1210	1440	1556	1710	1825	2112	0534	0702	0812
Moston	1240	1355	1625	1740	1856	2018	0612	0730	0840	0955
Manchester Victoria	1310	1425	1541	1810	1927	2056	2236	0801	0910	1027
Burnley Manchester Road	1341	1456	1610	1725	2001	2134	0601	0715	0941	1056
Blackburn	1525	1640	1756	1912	2215	0625	0746	0856	1125
Preston	1440	1710	1825	1945	2112	0702	0812	0925	1041
Kirkham	1510	1625	1856	2018	2156	0612	0840	0955	1110	1225
Poulton-le-Fylde	1541	1655	1810	2056	2236	0648	0801	1027	1141	1256
Layton	1610	1725	1842	2001	0601	0715	0825	0941	1210	1327
Blackpool North	1756	1912	2035	2215	0746	0856	1012	1125	1355
Huddersfield	1710	1945	2112	0534	0702	0925	1041	1156	1310
Notes: a Arrives d Departs
METROCARD
YOUR MULTI-PURPOSE
TRAVEL CARD
M
METRO
The secret cool that takes you anywhere - on trains, on buses and on trams!
M MetroCard
ALL DAY, EVERY DAY, METROCARD GETS YOU MOVING – FOR INFORMATION ON METROCARD PLEASE CALL METROLINE 0113 245 7676
Metro. Here to get you there
